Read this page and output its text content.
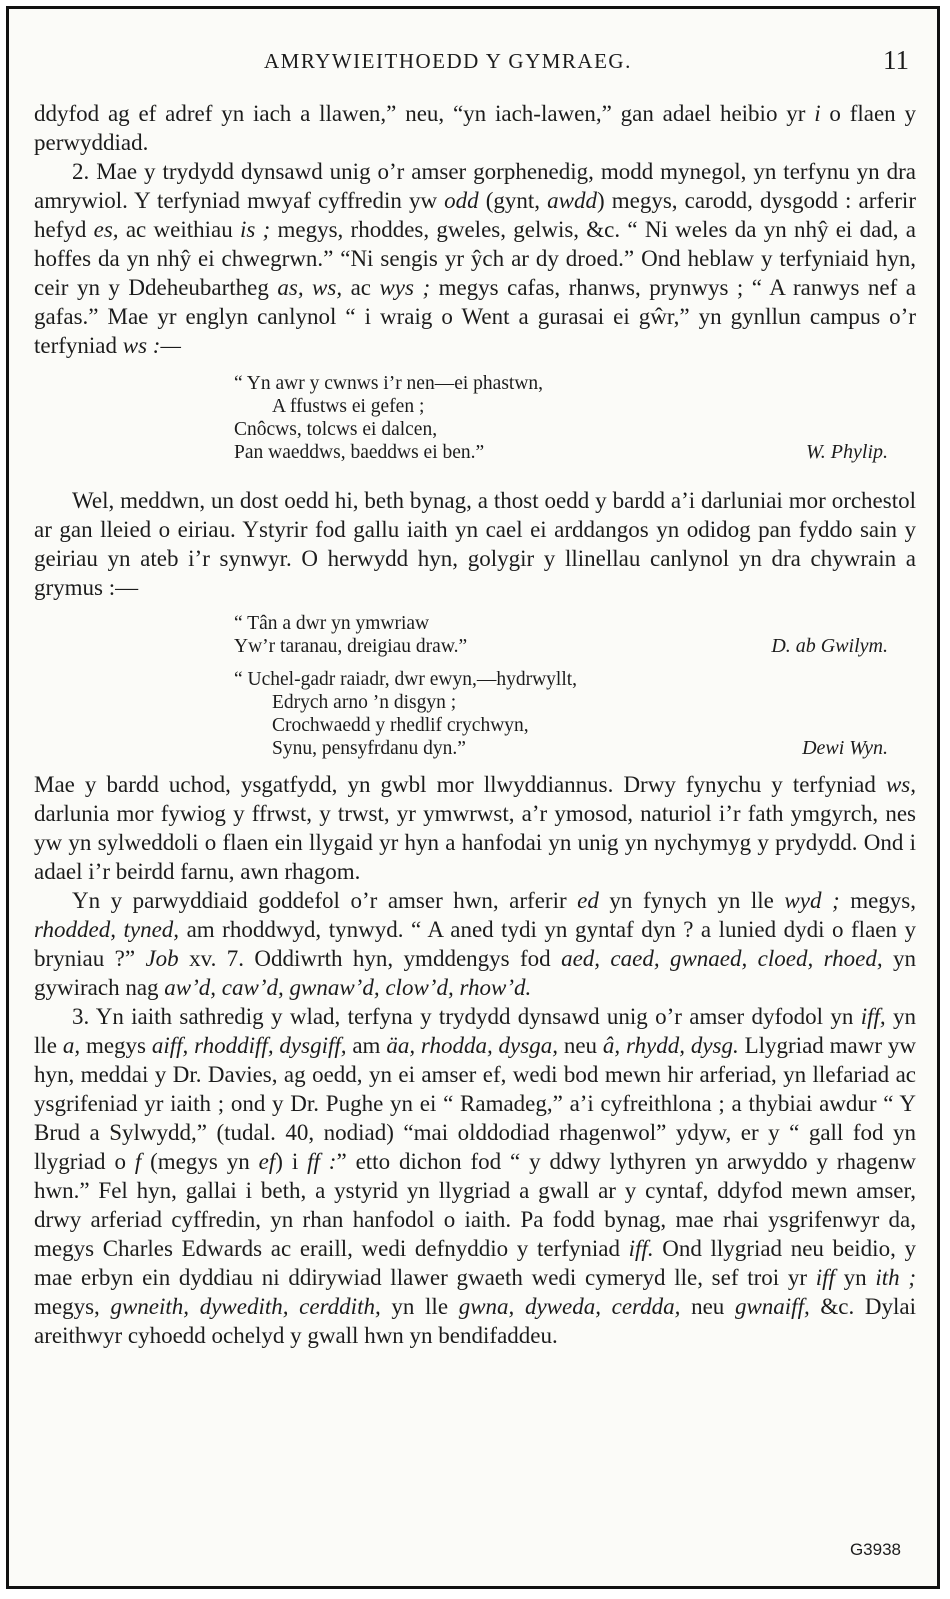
AMRYWIEITHOEDD Y GYMRAEG.	11

ddyfod ag ef adref yn iach a llawen,” neu, “yn iach-lawen,” gan adael heibio yr i o flaen y perwyddiad.

2. Mae y trydydd dynsawd unig o’r amser gorphenedig, modd mynegol, yn terfynu yn dra amrywiol. Y terfyniad mwyaf cyffredin yw odd (gynt, awdd) megys, carodd, dysgodd : arferir hefyd es, ac weithiau is ; megys, rhoddes, gweles, gelwis, &c. “ Ni weles da yn nhŷ ei dad, a hoffes da yn nhŷ ei chwegrwn.” “Ni sengis yr ŷch ar dy droed.” Ond heblaw y terfyniaid hyn, ceir yn y Ddeheubartheg as, ws, ac wys ; megys cafas, rhanws, prynwys ; “ A ranwys nef a gafas.” Mae yr englyn canlynol “ i wraig o Went a gurasai ei gŵr,” yn gynllun campus o’r terfyniad ws :—

“ Yn awr y cwnws i’r nen—ei phastwn,
A ffustws ei gefen ;
Cnôcws, tolcws ei dalcen,
Pan waeddws, baeddws ei ben.”	W. Phylip.

Wel, meddwn, un dost oedd hi, beth bynag, a thost oedd y bardd a’i darluniai mor orchestol ar gan lleied o eiriau. Ystyrir fod gallu iaith yn cael ei arddangos yn odidog pan fyddo sain y geiriau yn ateb i’r synwyr. O herwydd hyn, golygir y llinellau canlynol yn dra chywrain a grymus :—

“ Tân a dwr yn ymwriaw
Yw’r taranau, dreigiau draw.”	D. ab Gwilym.
“ Uchel-gadr raiadr, dwr ewyn,—hydrwyllt,
Edrych arno ’n disgyn ;
Crochwaedd y rhedlif crychwyn,
Synu, pensyfrdanu dyn.”	Dewi Wyn.

Mae y bardd uchod, ysgatfydd, yn gwbl mor llwyddiannus. Drwy fynychu y terfyniad ws, darlunia mor fywiog y ffrwst, y trwst, yr ymwrwst, a’r ymosod, naturiol i’r fath ymgyrch, nes yw yn sylweddoli o flaen ein llygaid yr hyn a hanfodai yn unig yn nychymyg y prydydd. Ond i adael i’r beirdd farnu, awn rhagom.

Yn y parwyddiaid goddefol o’r amser hwn, arferir ed yn fynych yn lle wyd ; megys, rhodded, tyned, am rhoddwyd, tynwyd. “ A aned tydi yn gyntaf dyn ? a lunied dydi o flaen y bryniau ?” Job xv. 7. Oddiwrth hyn, ymddengys fod aed, caed, gwnaed, cloed, rhoed, yn gywirach nag aw’d, caw’d, gwnaw’d, clow’d, rhow’d.

3. Yn iaith sathredig y wlad, terfyna y trydydd dynsawd unig o’r amser dyfodol yn iff, yn lle a, megys aiff, rhoddiff, dysgiff, am äa, rhodda, dysga, neu â, rhydd, dysg. Llygriad mawr yw hyn, meddai y Dr. Davies, ag oedd, yn ei amser ef, wedi bod mewn hir arferiad, yn llefariad ac ysgrifeniad yr iaith ; ond y Dr. Pughe yn ei “ Ramadeg,” a’i cyfreithlona ; a thybiai awdur “ Y Brud a Sylwydd,” (tudal. 40, nodiad) “mai olddodiad rhagenwol” ydyw, er y “ gall fod yn llygriad o f (megys yn ef) i ff :” etto dichon fod “ y ddwy lythyren yn arwyddo y rhagenw hwn.” Fel hyn, gallai i beth, a ystyrid yn llygriad a gwall ar y cyntaf, ddyfod mewn amser, drwy arferiad cyffredin, yn rhan hanfodol o iaith. Pa fodd bynag, mae rhai ysgrifenwyr da, megys Charles Edwards ac eraill, wedi defnyddio y terfyniad iff. Ond llygriad neu beidio, y mae erbyn ein dyddiau ni ddirywiad llawer gwaeth wedi cymeryd lle, sef troi yr iff yn ith ; megys, gwneith, dywedith, cerddith, yn lle gwna, dyweda, cerdda, neu gwnaiff, &c. Dylai areithwyr cyhoedd ochelyd y gwall hwn yn bendifaddeu.

G3938
